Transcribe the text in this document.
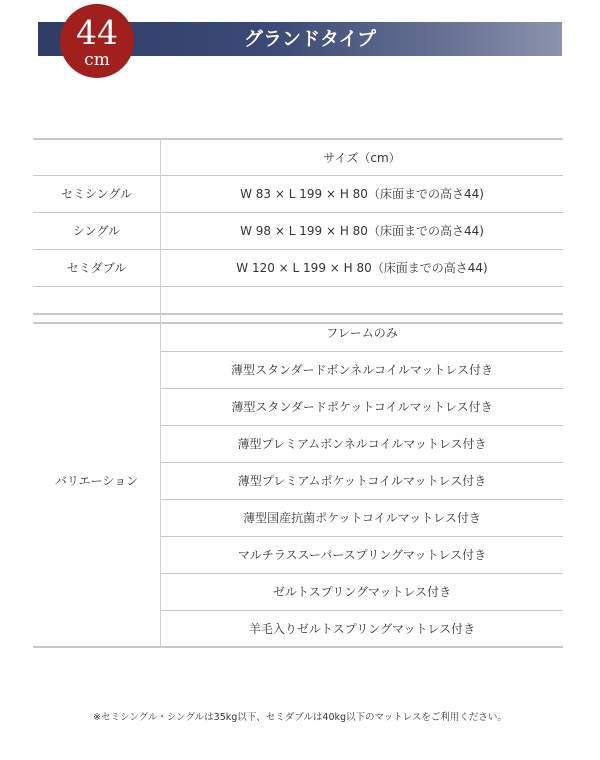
グランドタイプ
44
cm
	サイズ（cm）
セミシングル	W 83 × L 199 × H 80（床面までの高さ44)
シングル	W 98 × L 199 × H 80（床面までの高さ44)
セミダブル	W 120 × L 199 × H 80（床面までの高さ44)

バリエーション	フレームのみ
薄型スタンダードボンネルコイルマットレス付き
薄型スタンダードポケットコイルマットレス付き
薄型プレミアムボンネルコイルマットレス付き
薄型プレミアムポケットコイルマットレス付き
薄型国産抗菌ポケットコイルマットレス付き
マルチラススーパースプリングマットレス付き
ゼルトスプリングマットレス付き
羊毛入りゼルトスプリングマットレス付き
※セミシングル・シングルは35kg以下、セミダブルは40kg以下のマットレスをご利用ください。
